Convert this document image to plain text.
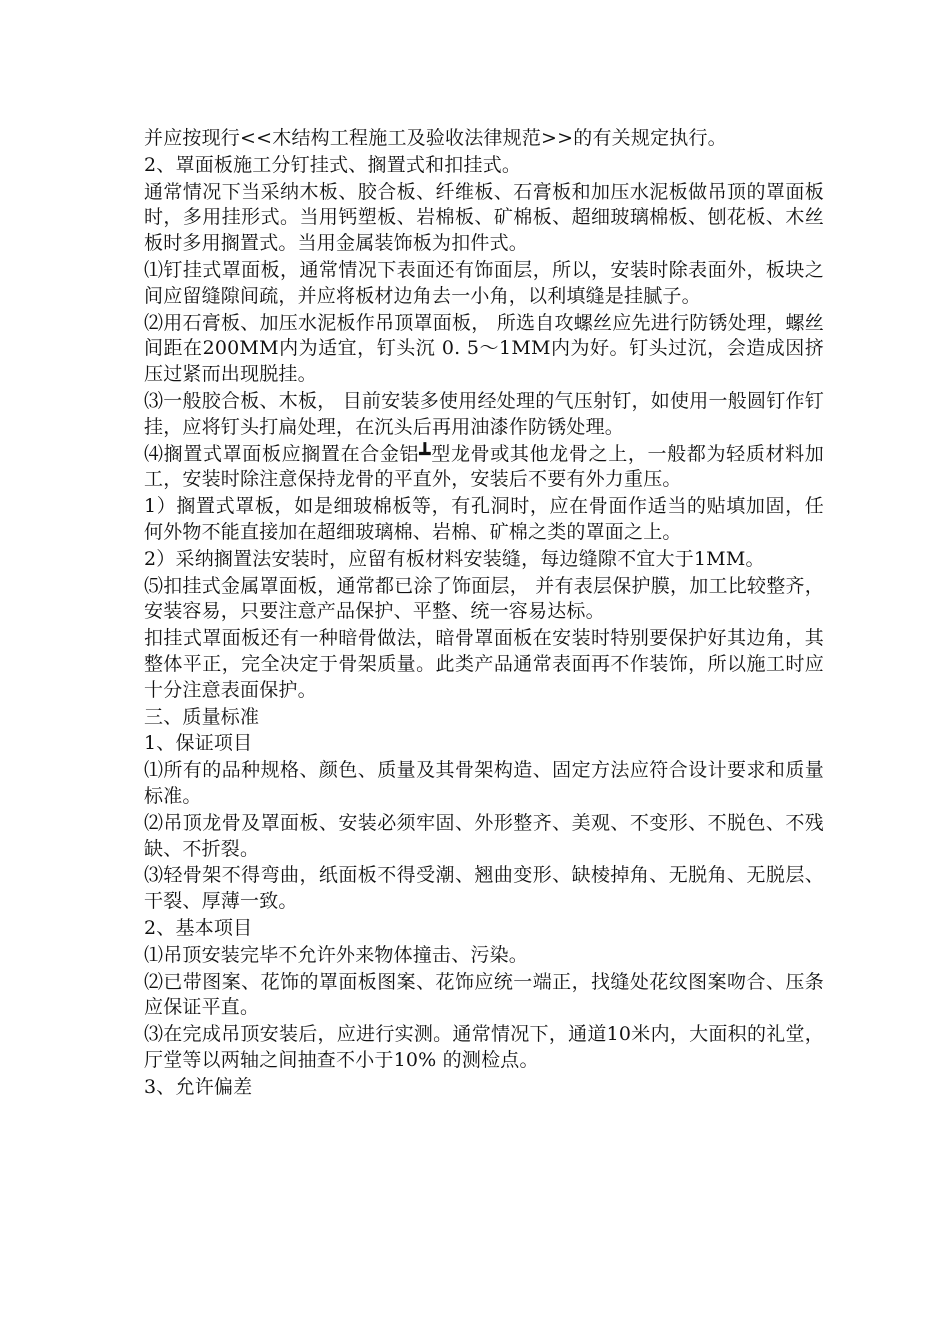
并应按现行<<木结构工程施工及验收法律规范>>的有关规定执行。

2、罩面板施工分钉挂式、搁置式和扣挂式。

通常情况下当采纳木板、胶合板、纤维板、石膏板和加压水泥板做吊顶的罩面板时，多用挂形式。当用钙塑板、岩棉板、矿棉板、超细玻璃棉板、刨花板、木丝板时多用搁置式。当用金属装饰板为扣件式。

⑴钉挂式罩面板，通常情况下表面还有饰面层，所以，安装时除表面外，板块之间应留缝隙间疏，并应将板材边角去一小角，以利填缝是挂腻子。

⑵用石膏板、加压水泥板作吊顶罩面板， 所选自攻螺丝应先进行防锈处理，螺丝间距在200MM内为适宜，钉头沉 0. 5～1MM内为好。钉头过沉，会造成因挤压过紧而出现脱挂。

⑶一般胶合板、木板， 目前安装多使用经处理的气压射钉，如使用一般圆钉作钉挂，应将钉头打扁处理，在沉头后再用油漆作防锈处理。

⑷搁置式罩面板应搁置在合金铝┻型龙骨或其他龙骨之上，一般都为轻质材料加工，安装时除注意保持龙骨的平直外，安装后不要有外力重压。

1）搁置式罩板，如是细玻棉板等，有孔洞时，应在骨面作适当的贴填加固，任何外物不能直接加在超细玻璃棉、岩棉、矿棉之类的罩面之上。

2）采纳搁置法安装时，应留有板材料安装缝，每边缝隙不宜大于1MM。

⑸扣挂式金属罩面板，通常都已涂了饰面层， 并有表层保护膜，加工比较整齐，安装容易，只要注意产品保护、平整、统一容易达标。

扣挂式罩面板还有一种暗骨做法，暗骨罩面板在安装时特别要保护好其边角，其整体平正，完全决定于骨架质量。此类产品通常表面再不作装饰，所以施工时应十分注意表面保护。

三、质量标准

1、保证项目

⑴所有的品种规格、颜色、质量及其骨架构造、固定方法应符合设计要求和质量标准。

⑵吊顶龙骨及罩面板、安装必须牢固、外形整齐、美观、不变形、不脱色、不残缺、不折裂。

⑶轻骨架不得弯曲，纸面板不得受潮、翘曲变形、缺棱掉角、无脱角、无脱层、干裂、厚薄一致。

2、基本项目

⑴吊顶安装完毕不允许外来物体撞击、污染。

⑵已带图案、花饰的罩面板图案、花饰应统一端正，找缝处花纹图案吻合、压条应保证平直。

⑶在完成吊顶安装后，应进行实测。通常情况下，通道10米内，大面积的礼堂，厅堂等以两轴之间抽查不小于10% 的测检点。

3、允许偏差
